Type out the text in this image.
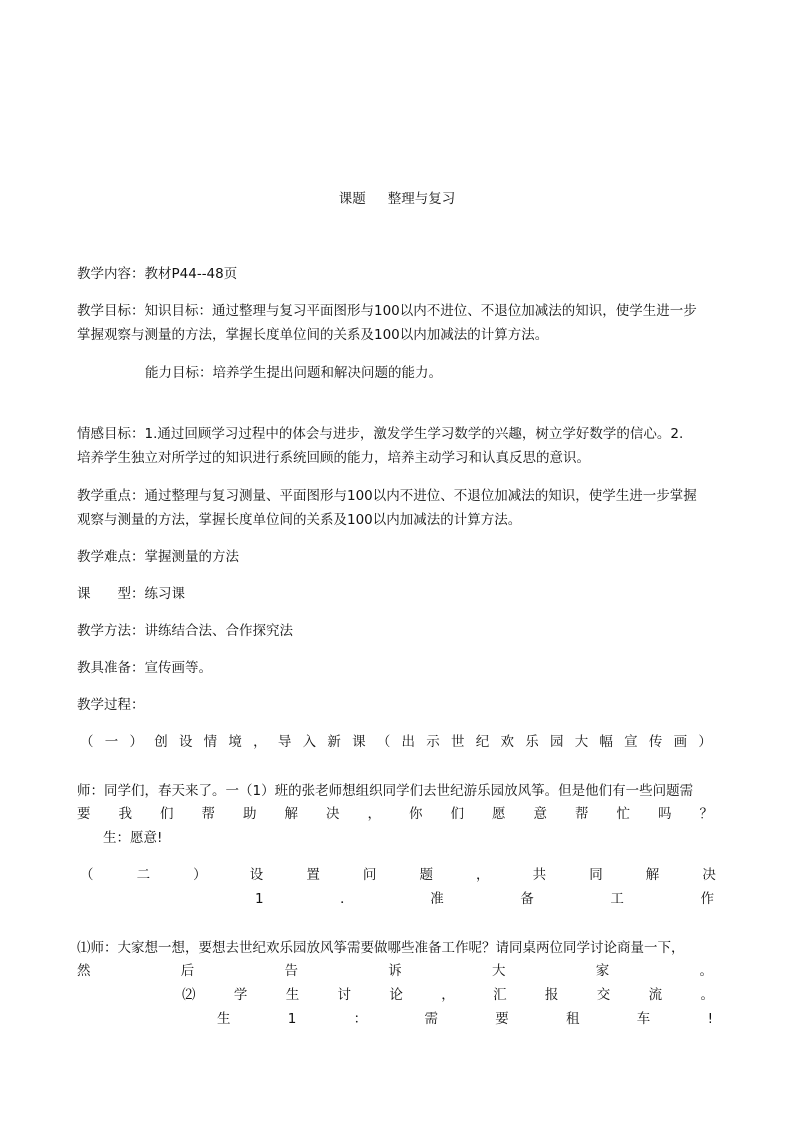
课题 整理与复习
教学内容：教材P44--48页
教学目标：知识目标：通过整理与复习平面图形与100以内不进位、不退位加减法的知识，使学生进一步
掌握观察与测量的方法，掌握长度单位间的关系及100以内加减法的计算方法。
能力目标：培养学生提出问题和解决问题的能力。
情感目标：1.通过回顾学习过程中的体会与进步，激发学生学习数学的兴趣，树立学好数学的信心。2.
培养学生独立对所学过的知识进行系统回顾的能力，培养主动学习和认真反思的意识。
教学重点：通过整理与复习测量、平面图形与100以内不进位、不退位加减法的知识，使学生进一步掌握
观察与测量的方法，掌握长度单位间的关系及100以内加减法的计算方法。
教学难点：掌握测量的方法
课　　型：练习课
教学方法：讲练结合法、合作探究法
教具准备：宣传画等。
教学过程：
（ 一 ） 创 设 情 境 ， 导 入 新 课 （ 出 示 世 纪 欢 乐 园 大 幅 宣 传 画 ）
师：同学们，春天来了。一（1）班的张老师想组织同学们去世纪游乐园放风筝。但是他们有一些问题需
要 我 们 帮 助 解 决 ， 你 们 愿 意 帮 忙 吗 ？
生：愿意!
（	二	）	设	置	问	题	，	共	同	解	决
1	．	准	备	工	作
⑴师：大家想一想，要想去世纪欢乐园放风筝需要做哪些准备工作呢？请同桌两位同学讨论商量一下，
然	后	告	诉	大	家	。
⑵	学	生	讨	论	，	汇	报	交	流	。
生	1	：	需	要	租	车	!
